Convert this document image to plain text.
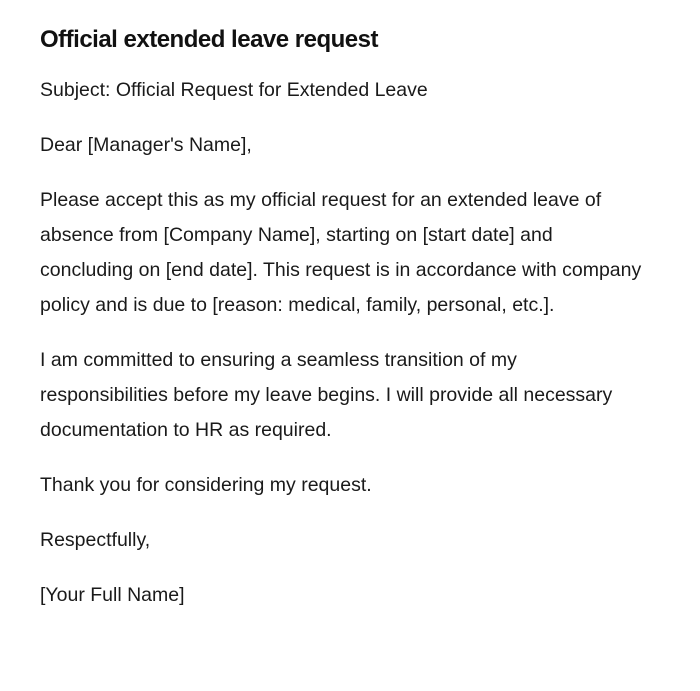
Official extended leave request

Subject: Official Request for Extended Leave

Dear [Manager's Name],

Please accept this as my official request for an extended leave of absence from [Company Name], starting on [start date] and concluding on [end date]. This request is in accordance with company policy and is due to [reason: medical, family, personal, etc.].

I am committed to ensuring a seamless transition of my responsibilities before my leave begins. I will provide all necessary documentation to HR as required.

Thank you for considering my request.

Respectfully,

[Your Full Name]
